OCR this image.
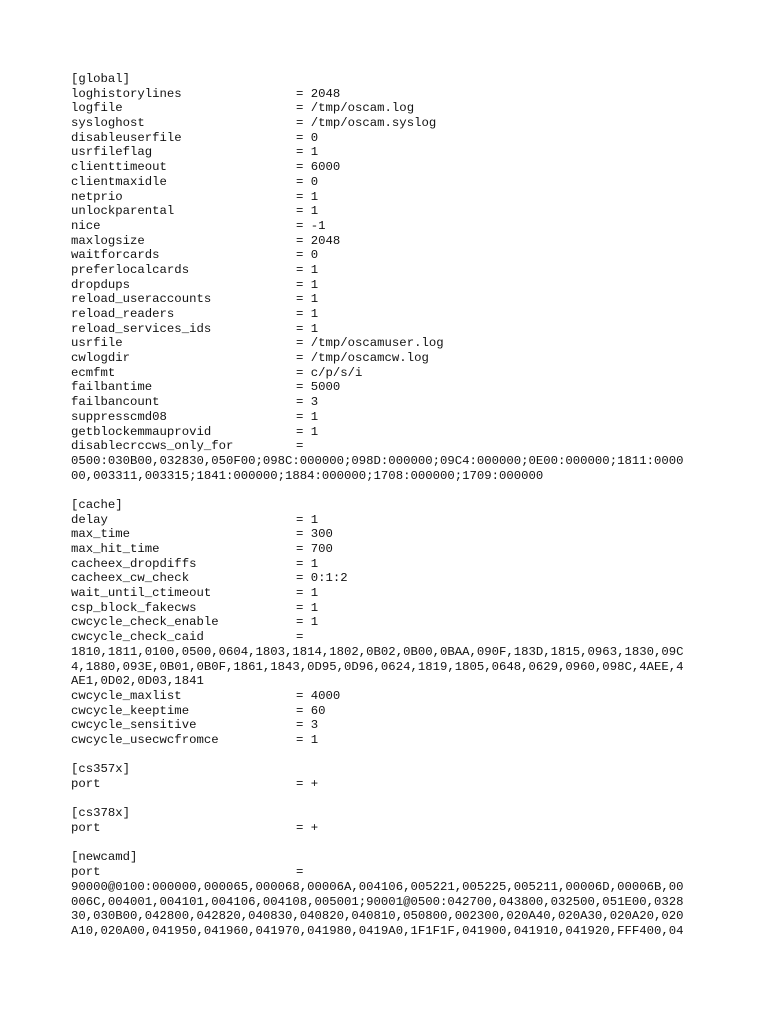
[global]
loghistorylines	= 2048
logfile	= /tmp/oscam.log
sysloghost	= /tmp/oscam.syslog
disableuserfile	= 0
usrfileflag	= 1
clienttimeout	= 6000
clientmaxidle	= 0
netprio	= 1
unlockparental	= 1
nice	= -1
maxlogsize	= 2048
waitforcards	= 0
preferlocalcards	= 1
dropdups	= 1
reload_useraccounts	= 1
reload_readers	= 1
reload_services_ids	= 1
usrfile	= /tmp/oscamuser.log
cwlogdir	= /tmp/oscamcw.log
ecmfmt	= c/p/s/i
failbantime	= 5000
failbancount	= 3
suppresscmd08	= 1
getblockemmauprovid	= 1
disablecrccws_only_for	=
0500:030B00,032830,050F00;098C:000000;098D:000000;09C4:000000;0E00:000000;1811:0000
00,003311,003315;1841:000000;1884:000000;1708:000000;1709:000000
[cache]
delay	= 1
max_time	= 300
max_hit_time	= 700
cacheex_dropdiffs	= 1
cacheex_cw_check	= 0:1:2
wait_until_ctimeout	= 1
csp_block_fakecws	= 1
cwcycle_check_enable	= 1
cwcycle_check_caid	=
1810,1811,0100,0500,0604,1803,1814,1802,0B02,0B00,0BAA,090F,183D,1815,0963,1830,09C
4,1880,093E,0B01,0B0F,1861,1843,0D95,0D96,0624,1819,1805,0648,0629,0960,098C,4AEE,4
AE1,0D02,0D03,1841
cwcycle_maxlist	= 4000
cwcycle_keeptime	= 60
cwcycle_sensitive	= 3
cwcycle_usecwcfromce	= 1
[cs357x]
port	= +
[cs378x]
port	= +
[newcamd]
port	=
90000@0100:000000,000065,000068,00006A,004106,005221,005225,005211,00006D,00006B,00
006C,004001,004101,004106,004108,005001;90001@0500:042700,043800,032500,051E00,0328
30,030B00,042800,042820,040830,040820,040810,050800,002300,020A40,020A30,020A20,020
A10,020A00,041950,041960,041970,041980,0419A0,1F1F1F,041900,041910,041920,FFF400,04
